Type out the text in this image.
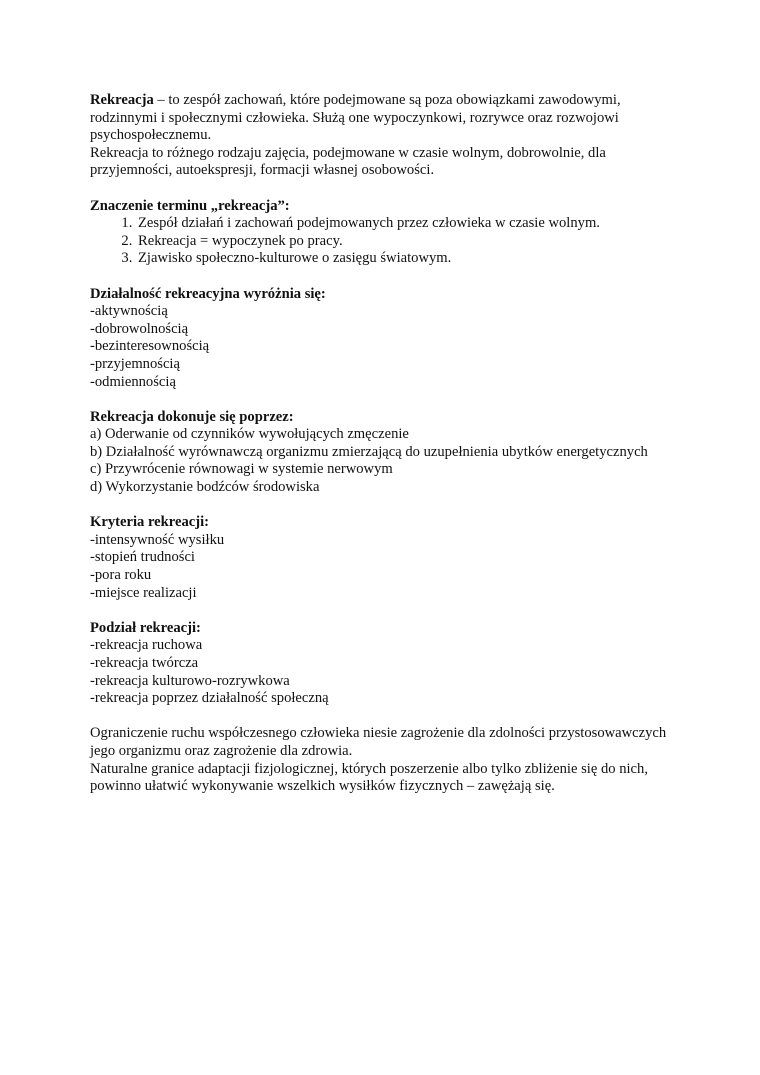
Rekreacja – to zespół zachowań, które podejmowane są poza obowiązkami zawodowymi, rodzinnymi i społecznymi człowieka. Służą one wypoczynkowi, rozrywce oraz rozwojowi psychospołecznemu.

Rekreacja to różnego rodzaju zajęcia, podejmowane w czasie wolnym, dobrowolnie, dla przyjemności, autoekspresji, formacji własnej osobowości.

Znaczenie terminu „rekreacja”:

1. Zespół działań i zachowań podejmowanych przez człowieka w czasie wolnym.
2. Rekreacja = wypoczynek po pracy.
3. Zjawisko społeczno-kulturowe o zasięgu światowym.

Działalność rekreacyjna wyróżnia się:

-aktywnością

-dobrowolnością

-bezinteresownością

-przyjemnością

-odmiennością

Rekreacja dokonuje się poprzez:

a) Oderwanie od czynników wywołujących zmęczenie

b) Działalność wyrównawczą organizmu zmierzającą do uzupełnienia ubytków energetycznych

c) Przywrócenie równowagi w systemie nerwowym

d) Wykorzystanie bodźców środowiska

Kryteria rekreacji:

-intensywność wysiłku

-stopień trudności

-pora roku

-miejsce realizacji

Podział rekreacji:

-rekreacja ruchowa

-rekreacja twórcza

-rekreacja kulturowo-rozrywkowa

-rekreacja poprzez działalność społeczną

Ograniczenie ruchu współczesnego człowieka niesie zagrożenie dla zdolności przystosowawczych jego organizmu oraz zagrożenie dla zdrowia.

Naturalne granice adaptacji fizjologicznej, których poszerzenie albo tylko zbliżenie się do nich, powinno ułatwić wykonywanie wszelkich wysiłków fizycznych – zawężają się.
